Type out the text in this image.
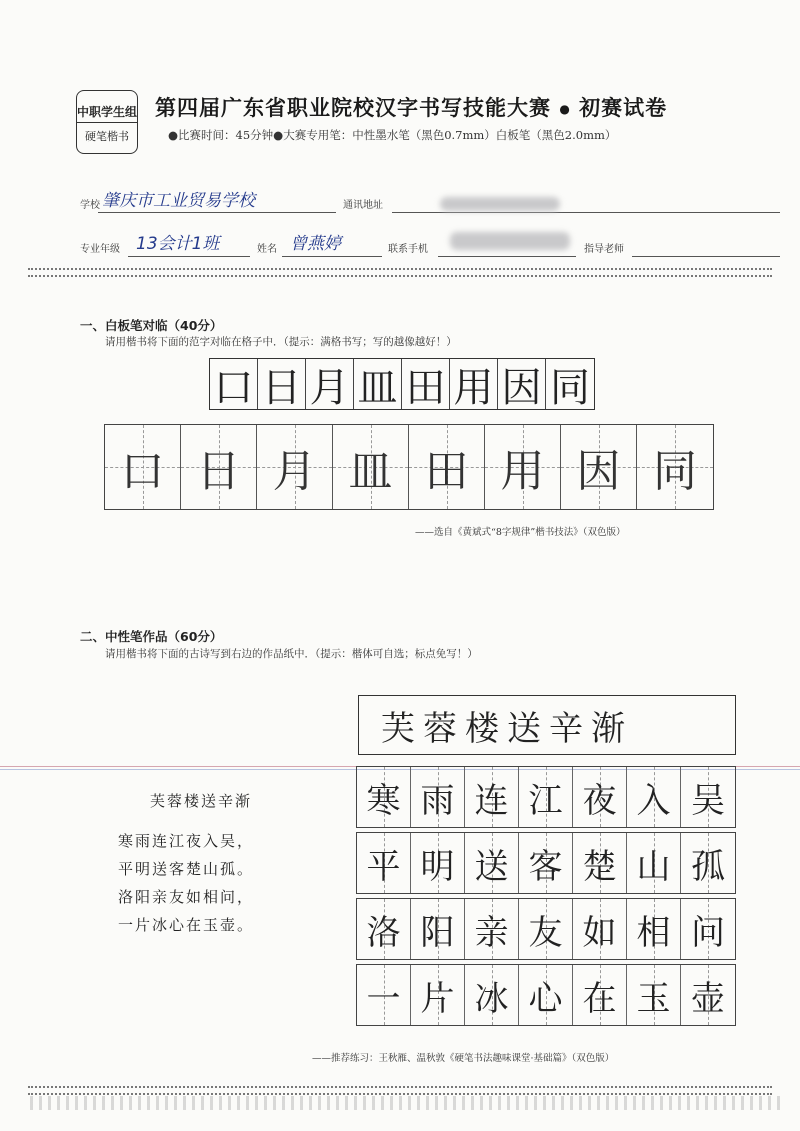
中职学生组
硬笔楷书
第四届广东省职业院校汉字书写技能大赛 ● 初赛试卷
●比赛时间：45分钟●大赛专用笔：中性墨水笔（黑色0.7mm）白板笔（黑色2.0mm）
学校 肇庆市工业贸易学校	通讯地址
专业年级 13会计1班	姓名 曾燕婷	联系手机	指导老师
一、白板笔对临（40分）
请用楷书将下面的范字对临在格子中．（提示：满格书写；写的越像越好！）
口 日 月 皿 田 用 因 同
口 日 月 皿 田 用 因 同
——选自《黄斌式“8字规律”楷书技法》（双色版）
二、中性笔作品（60分）
请用楷书将下面的古诗写到右边的作品纸中．（提示：楷体可自选；标点免写！）
芙蓉楼送辛渐
寒雨连江夜入吴，
平明送客楚山孤。
洛阳亲友如相问，
一片冰心在玉壶。
芙蓉楼送辛渐
寒 雨 连 江 夜 入 吴
平 明 送 客 楚 山 孤
洛 阳 亲 友 如 相 问
一 片 冰 心 在 玉 壶
——推荐练习：王秋雁、温秋敦《硬笔书法趣味课堂·基础篇》（双色版）
